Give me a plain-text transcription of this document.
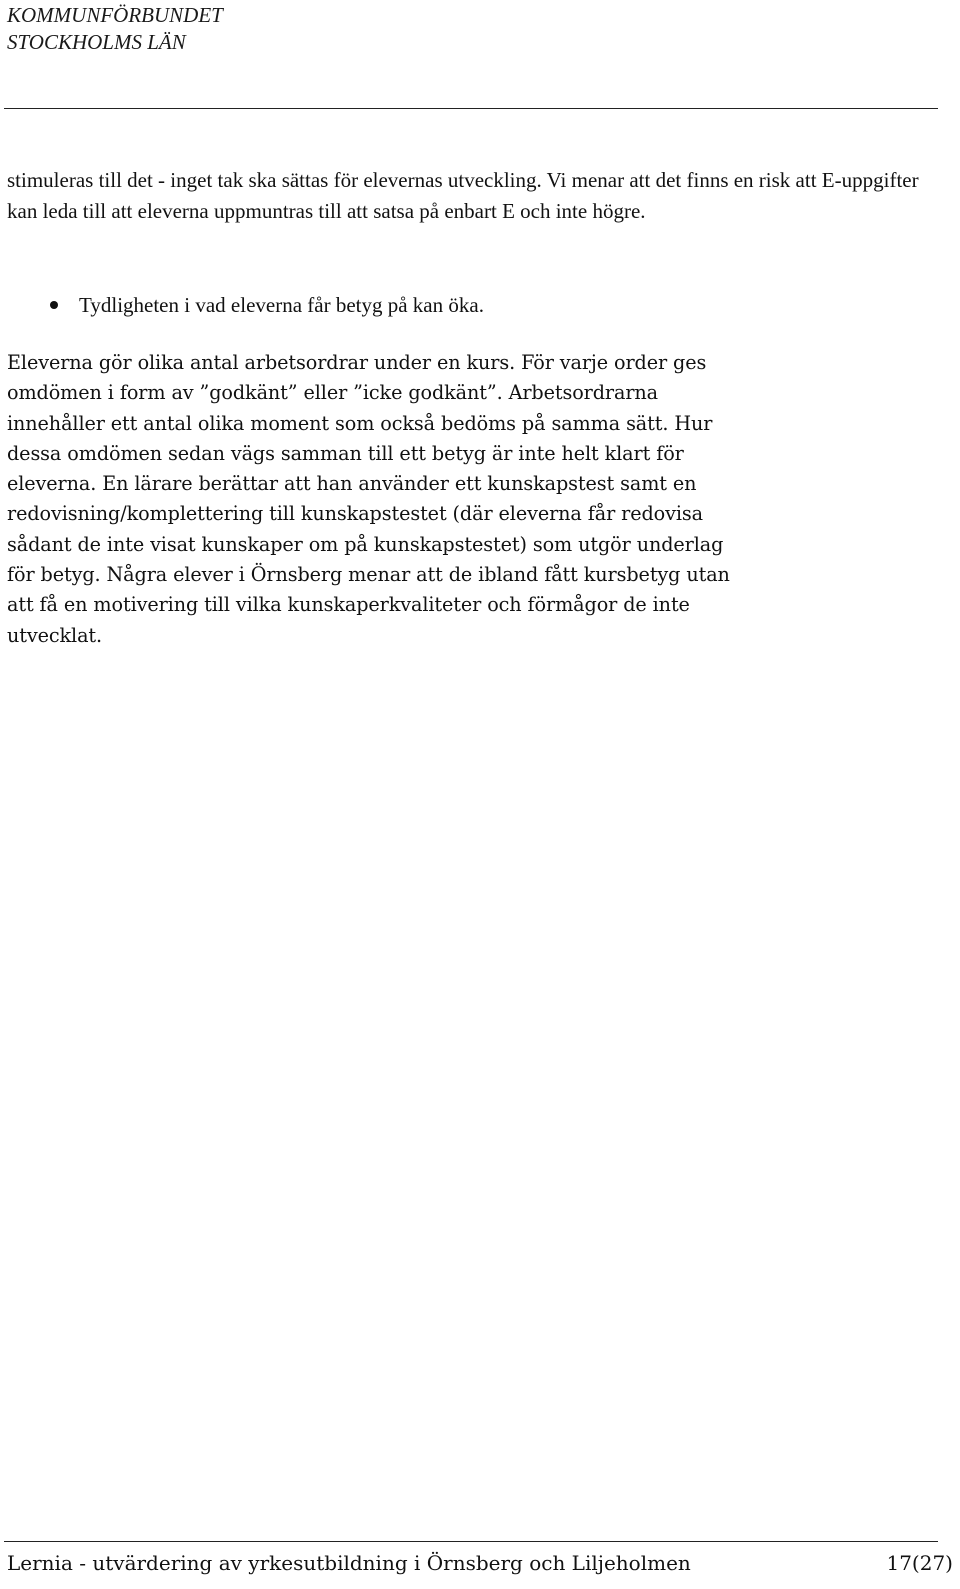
KOMMUNFÖRBUNDET
STOCKHOLMS LÄN
stimuleras till det - inget tak ska sättas för elevernas utveckling. Vi menar att det finns en risk att E-uppgifter kan leda till att eleverna uppmuntras till att satsa på enbart E och inte högre.
Tydligheten i vad eleverna får betyg på kan öka.
Eleverna gör olika antal arbetsordrar under en kurs. För varje order ges
omdömen i form av ”godkänt” eller ”icke godkänt”. Arbetsordrarna
innehåller ett antal olika moment som också bedöms på samma sätt. Hur
dessa omdömen sedan vägs samman till ett betyg är inte helt klart för
eleverna. En lärare berättar att han använder ett kunskapstest samt en
redovisning/komplettering till kunskapstestet (där eleverna får redovisa
sådant de inte visat kunskaper om på kunskapstestet) som utgör underlag
för betyg. Några elever i Örnsberg menar att de ibland fått kursbetyg utan
att få en motivering till vilka kunskaperkvaliteter och förmågor de inte
utvecklat.
Lernia - utvärdering av yrkesutbildning i Örnsberg och Liljeholmen	17(27)
